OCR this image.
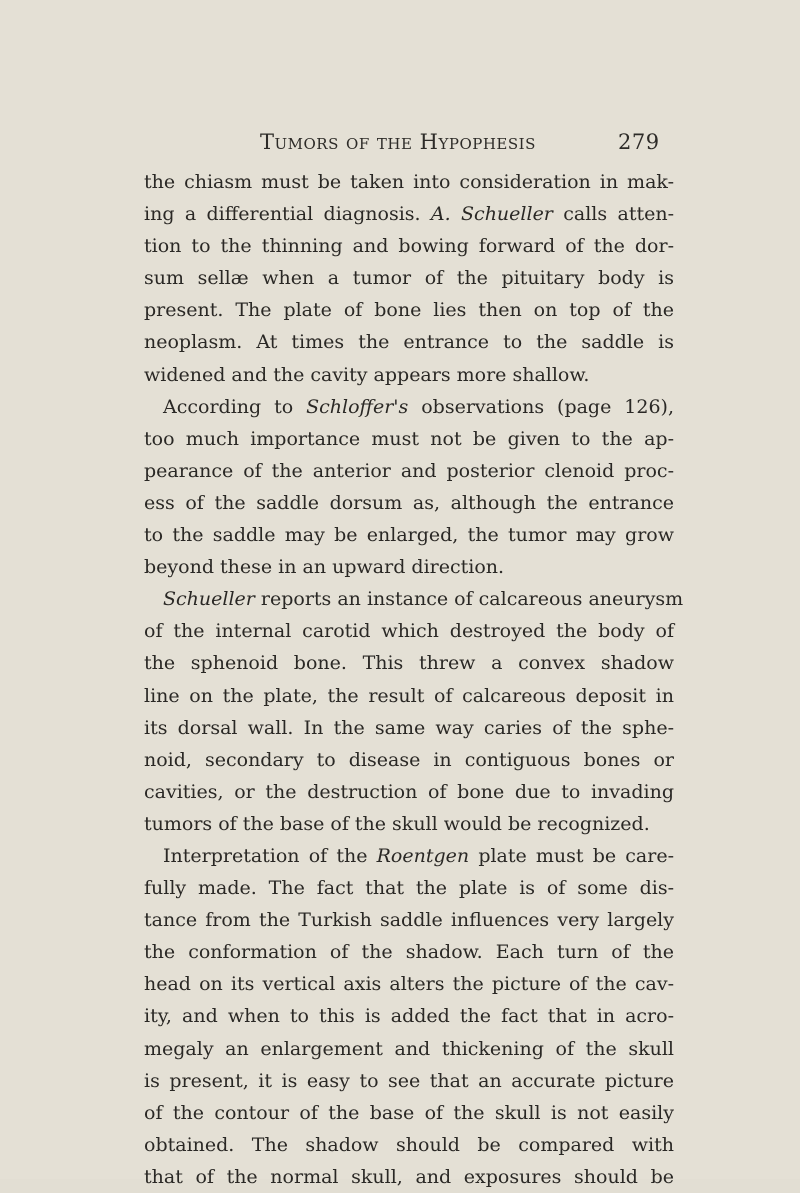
Tumors of the Hypophesis	279
the chiasm must be taken into consideration in mak-
ing a differential diagnosis. A. Schueller calls atten-
tion to the thinning and bowing forward of the dor-
sum sellæ when a tumor of the pituitary body is
present. The plate of bone lies then on top of the
neoplasm. At times the entrance to the saddle is
widened and the cavity appears more shallow.
According to Schloffer's observations (page 126),
too much importance must not be given to the ap-
pearance of the anterior and posterior clenoid proc-
ess of the saddle dorsum as, although the entrance
to the saddle may be enlarged, the tumor may grow
beyond these in an upward direction.
Schueller reports an instance of calcareous aneurysm
of the internal carotid which destroyed the body of
the sphenoid bone. This threw a convex shadow
line on the plate, the result of calcareous deposit in
its dorsal wall. In the same way caries of the sphe-
noid, secondary to disease in contiguous bones or
cavities, or the destruction of bone due to invading
tumors of the base of the skull would be recognized.
Interpretation of the Roentgen plate must be care-
fully made. The fact that the plate is of some dis-
tance from the Turkish saddle influences very largely
the conformation of the shadow. Each turn of the
head on its vertical axis alters the picture of the cav-
ity, and when to this is added the fact that in acro-
megaly an enlargement and thickening of the skull
is present, it is easy to see that an accurate picture
of the contour of the base of the skull is not easily
obtained. The shadow should be compared with
that of the normal skull, and exposures should be
